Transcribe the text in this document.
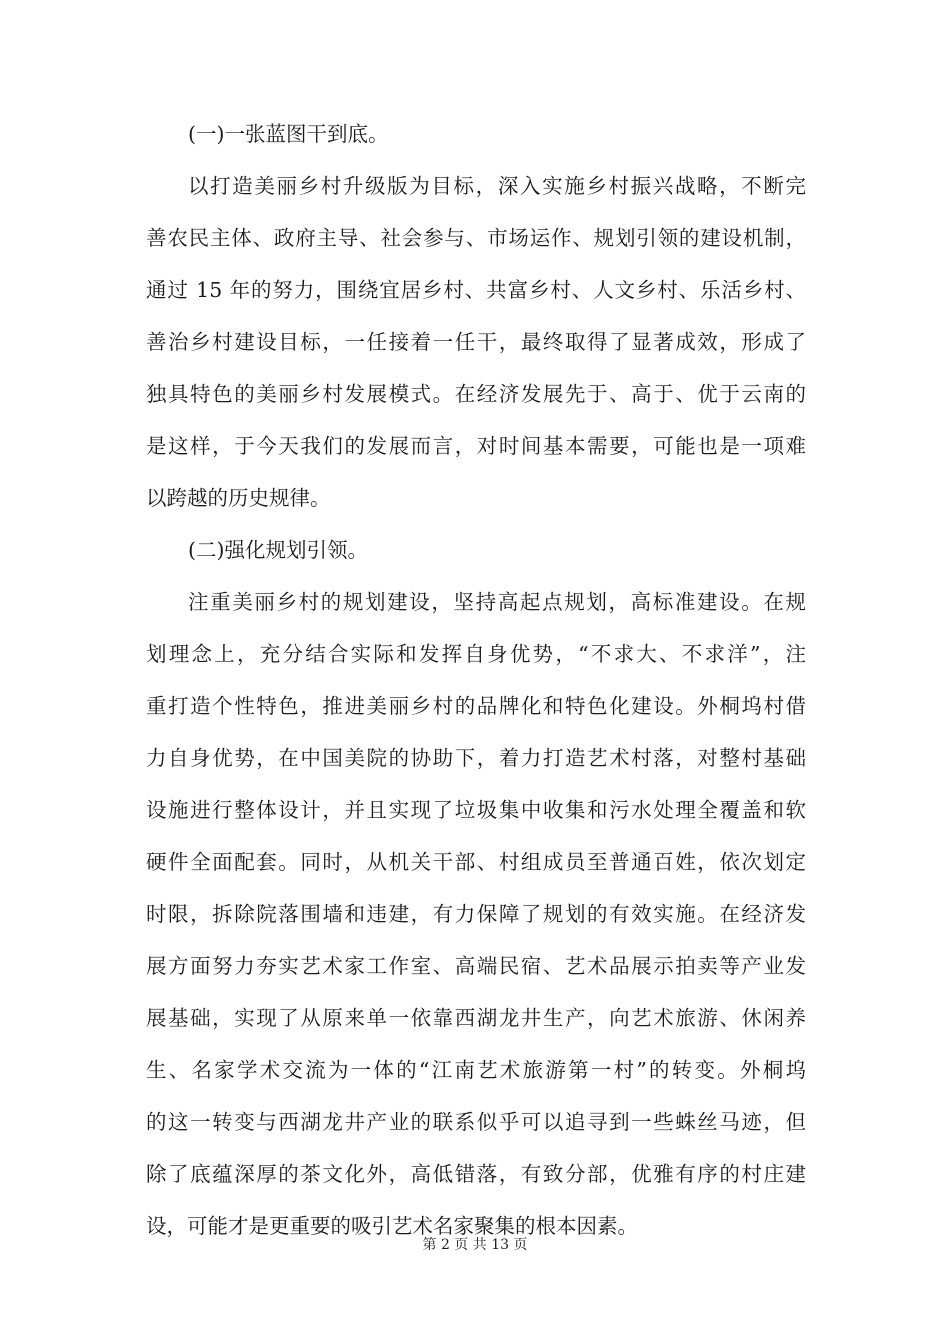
(一)一张蓝图干到底。
以打造美丽乡村升级版为目标，深入实施乡村振兴战略，不断完
善农民主体、政府主导、社会参与、市场运作、规划引领的建设机制，
通过 15 年的努力，围绕宜居乡村、共富乡村、人文乡村、乐活乡村、
善治乡村建设目标，一任接着一任干，最终取得了显著成效，形成了
独具特色的美丽乡村发展模式。在经济发展先于、高于、优于云南的
是这样，于今天我们的发展而言，对时间基本需要，可能也是一项难
以跨越的历史规律。
(二)强化规划引领。
注重美丽乡村的规划建设，坚持高起点规划，高标准建设。在规
划理念上，充分结合实际和发挥自身优势，“不求大、不求洋”，注
重打造个性特色，推进美丽乡村的品牌化和特色化建设。外桐坞村借
力自身优势，在中国美院的协助下，着力打造艺术村落，对整村基础
设施进行整体设计，并且实现了垃圾集中收集和污水处理全覆盖和软
硬件全面配套。同时，从机关干部、村组成员至普通百姓，依次划定
时限，拆除院落围墙和违建，有力保障了规划的有效实施。在经济发
展方面努力夯实艺术家工作室、高端民宿、艺术品展示拍卖等产业发
展基础，实现了从原来单一依靠西湖龙井生产，向艺术旅游、休闲养
生、名家学术交流为一体的“江南艺术旅游第一村”的转变。外桐坞
的这一转变与西湖龙井产业的联系似乎可以追寻到一些蛛丝马迹，但
除了底蕴深厚的茶文化外，高低错落，有致分部，优雅有序的村庄建
设，可能才是更重要的吸引艺术名家聚集的根本因素。
第 2 页 共 13 页
